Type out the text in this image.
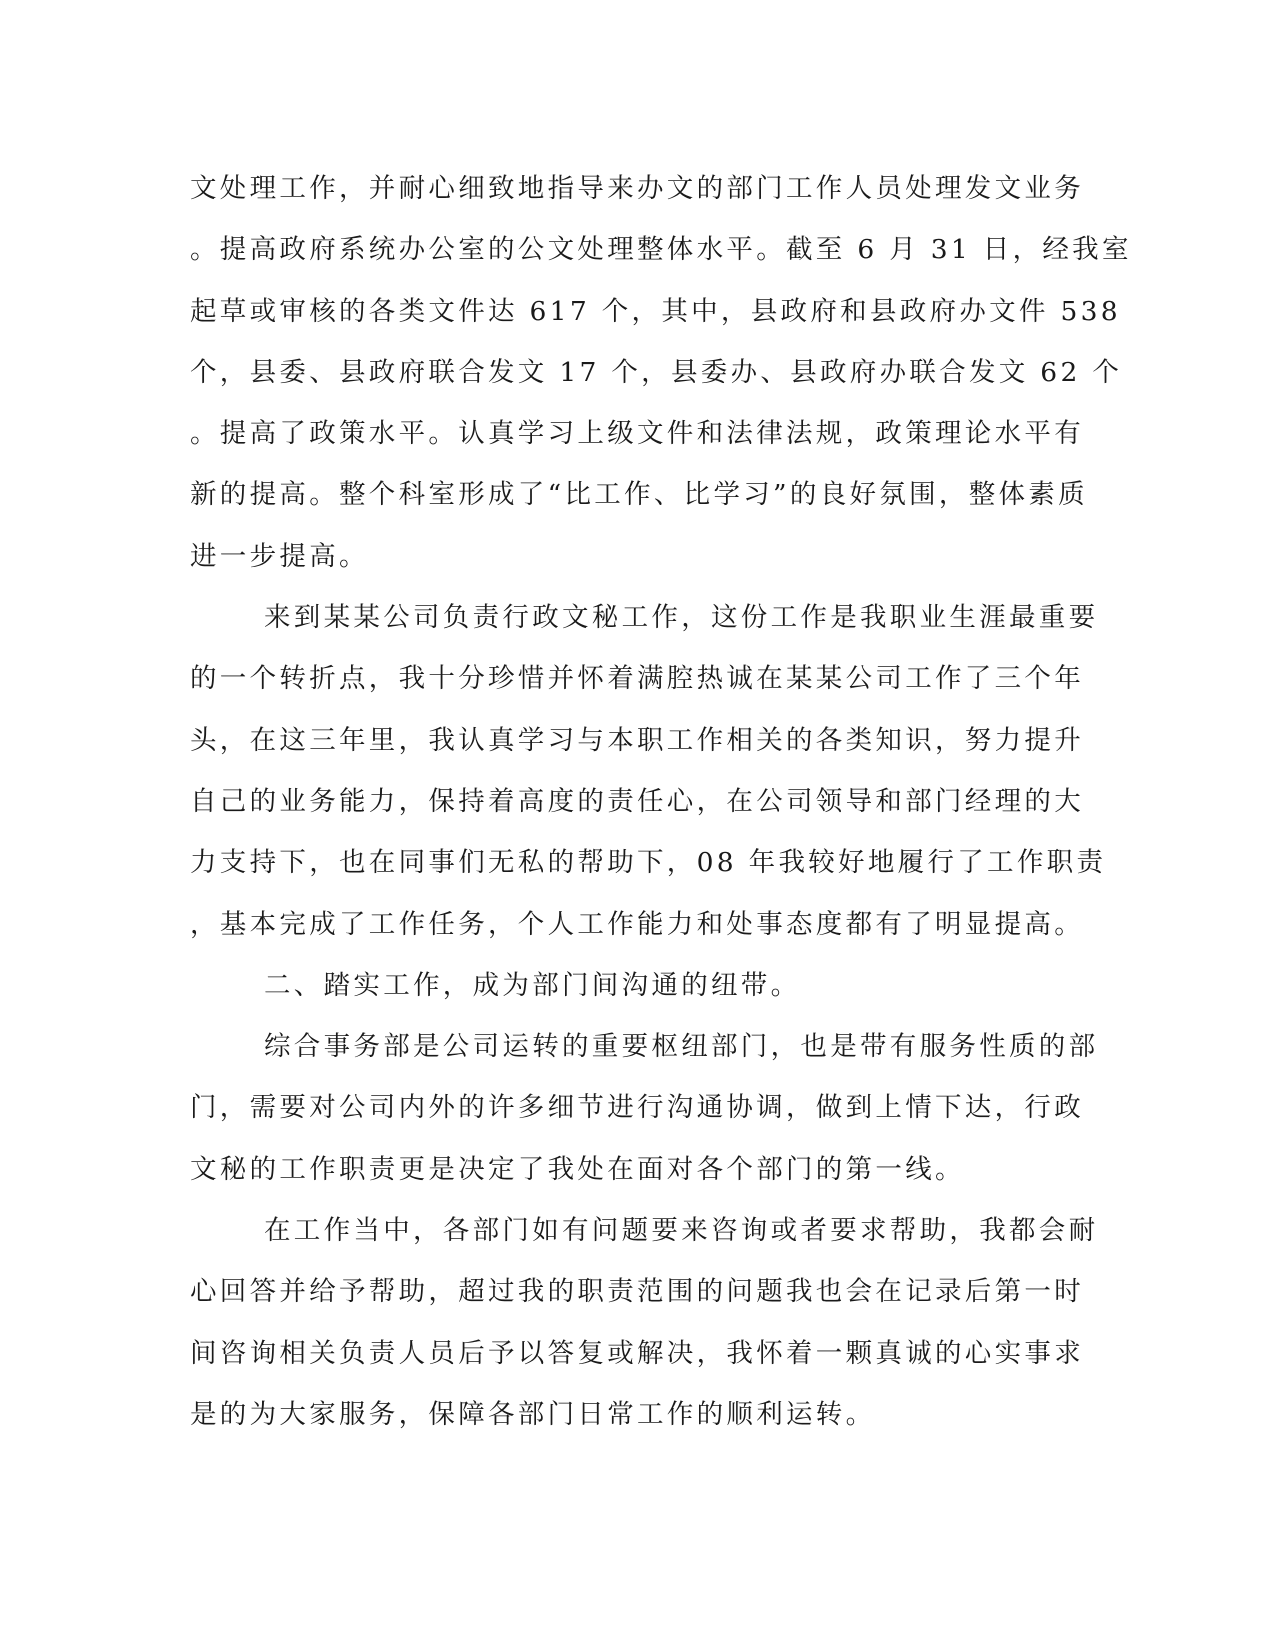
文处理工作，并耐心细致地指导来办文的部门工作人员处理发文业务
。提高政府系统办公室的公文处理整体水平。截至 6 月 31 日，经我室
起草或审核的各类文件达 617 个，其中，县政府和县政府办文件 538
个，县委、县政府联合发文 17 个，县委办、县政府办联合发文 62 个
。提高了政策水平。认真学习上级文件和法律法规，政策理论水平有
新的提高。整个科室形成了“比工作、比学习”的良好氛围，整体素质
进一步提高。
来到某某公司负责行政文秘工作，这份工作是我职业生涯最重要
的一个转折点，我十分珍惜并怀着满腔热诚在某某公司工作了三个年
头，在这三年里，我认真学习与本职工作相关的各类知识，努力提升
自己的业务能力，保持着高度的责任心，在公司领导和部门经理的大
力支持下，也在同事们无私的帮助下，08 年我较好地履行了工作职责
，基本完成了工作任务，个人工作能力和处事态度都有了明显提高。
二、踏实工作，成为部门间沟通的纽带。
综合事务部是公司运转的重要枢纽部门，也是带有服务性质的部
门，需要对公司内外的许多细节进行沟通协调，做到上情下达，行政
文秘的工作职责更是决定了我处在面对各个部门的第一线。
在工作当中，各部门如有问题要来咨询或者要求帮助，我都会耐
心回答并给予帮助，超过我的职责范围的问题我也会在记录后第一时
间咨询相关负责人员后予以答复或解决，我怀着一颗真诚的心实事求
是的为大家服务，保障各部门日常工作的顺利运转。
